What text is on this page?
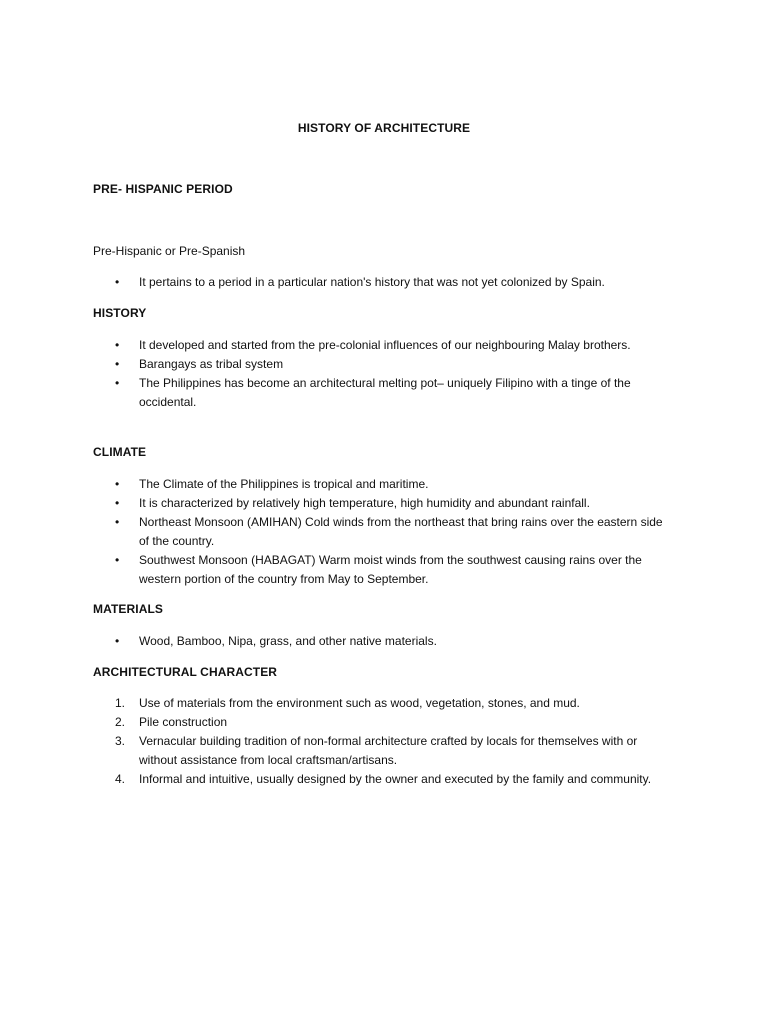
HISTORY OF ARCHITECTURE
PRE- HISPANIC PERIOD
Pre-Hispanic or Pre-Spanish
• It pertains to a period in a particular nation's history that was not yet colonized by Spain.
HISTORY
• It developed and started from the pre-colonial influences of our neighbouring Malay brothers.
• Barangays as tribal system
• The Philippines has become an architectural melting pot– uniquely Filipino with a tinge of the occidental.
CLIMATE
• The Climate of the Philippines is tropical and maritime.
• It is characterized by relatively high temperature, high humidity and abundant rainfall.
• Northeast Monsoon (AMIHAN) Cold winds from the northeast that bring rains over the eastern side of the country.
• Southwest Monsoon (HABAGAT) Warm moist winds from the southwest causing rains over the western portion of the country from May to September.
MATERIALS
• Wood, Bamboo, Nipa, grass, and other native materials.
ARCHITECTURAL CHARACTER
1. Use of materials from the environment such as wood, vegetation, stones, and mud.
2. Pile construction
3. Vernacular building tradition of non-formal architecture crafted by locals for themselves with or without assistance from local craftsman/artisans.
4. Informal and intuitive, usually designed by the owner and executed by the family and community.
